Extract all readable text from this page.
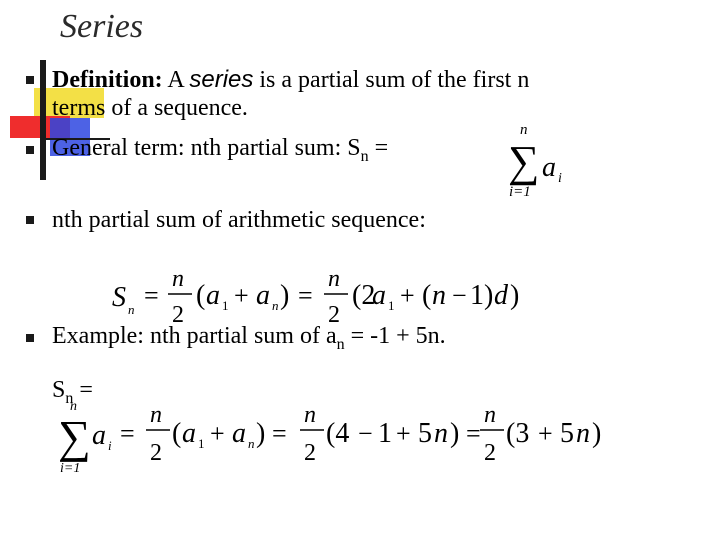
Series
Definition: A series is a partial sum of the first n
terms of a sequence.
General term: nth partial sum: $S_n$ =
n
∑
i=1
a i
nth partial sum of arithmetic sequence:
S n =
n
2
( a 1 + a n ) =
n
2
(2
a 1 + ( n − 1) d )
Example: nth partial sum of $a_n = -1 + 5n$.
$S_n$ =
n
∑
i=1
a i =
n
2
( a 1 + a n ) =
n
2
(4 − 1 + 5 n ) =
n
2
(3 + 5 n )
